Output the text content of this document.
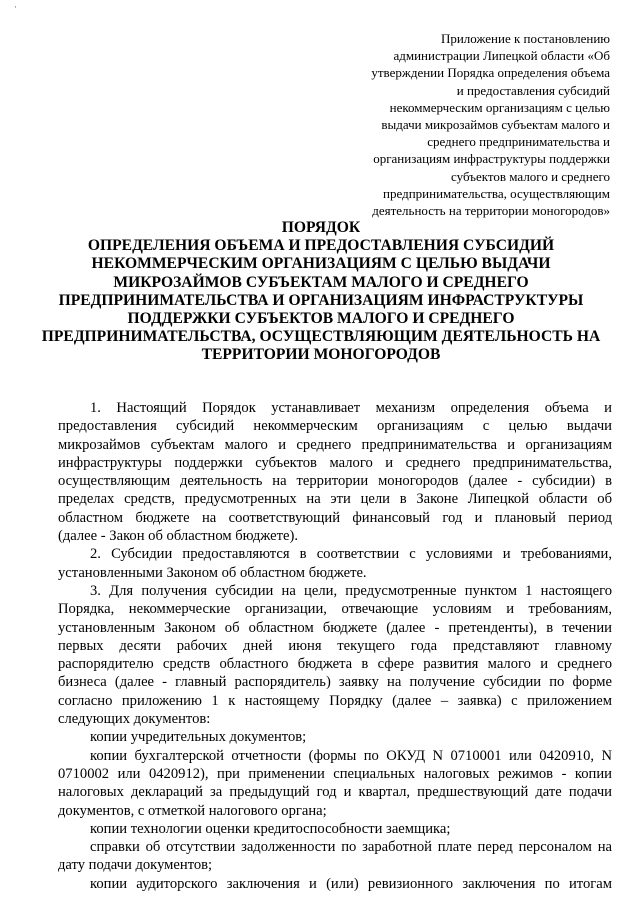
·
Приложение к постановлению
администрации Липецкой области «Об
утверждении Порядка определения объема
и предоставления субсидий
некоммерческим организациям с целью
выдачи микрозаймов субъектам малого и
среднего предпринимательства и
организациям инфраструктуры поддержки
субъектов малого и среднего
предпринимательства, осуществляющим
деятельность на территории моногородов»
ПОРЯДОК
ОПРЕДЕЛЕНИЯ ОБЪЕМА И ПРЕДОСТАВЛЕНИЯ СУБСИДИЙ
НЕКОММЕРЧЕСКИМ ОРГАНИЗАЦИЯМ С ЦЕЛЬЮ ВЫДАЧИ
МИКРОЗАЙМОВ СУБЪЕКТАМ МАЛОГО И СРЕДНЕГО
ПРЕДПРИНИМАТЕЛЬСТВА И ОРГАНИЗАЦИЯМ ИНФРАСТРУКТУРЫ
ПОДДЕРЖКИ СУБЪЕКТОВ МАЛОГО И СРЕДНЕГО
ПРЕДПРИНИМАТЕЛЬСТВА, ОСУЩЕСТВЛЯЮЩИМ ДЕЯТЕЛЬНОСТЬ НА
ТЕРРИТОРИИ МОНОГОРОДОВ
1. Настоящий Порядок устанавливает механизм определения объема и
предоставления субсидий некоммерческим организациям с целью выдачи
микрозаймов субъектам малого и среднего предпринимательства и организациям
инфраструктуры поддержки субъектов малого и среднего предпринимательства,
осуществляющим деятельность на территории моногородов (далее - субсидии) в
пределах средств, предусмотренных на эти цели в Законе Липецкой области об
областном бюджете на соответствующий финансовый год и плановый период
(далее - Закон об областном бюджете).
2. Субсидии предоставляются в соответствии с условиями и требованиями,
установленными Законом об областном бюджете.
3. Для получения субсидии на цели, предусмотренные пунктом 1 настоящего
Порядка, некоммерческие организации, отвечающие условиям и требованиям,
установленным Законом об областном бюджете (далее - претенденты), в течении
первых десяти рабочих дней июня текущего года представляют главному
распорядителю средств областного бюджета в сфере развития малого и среднего
бизнеса (далее - главный распорядитель) заявку на получение субсидии по форме
согласно приложению 1 к настоящему Порядку (далее – заявка) с приложением
следующих документов:
копии учредительных документов;
копии бухгалтерской отчетности (формы по ОКУД N 0710001 или 0420910, N
0710002 или 0420912), при применении специальных налоговых режимов - копии
налоговых деклараций за предыдущий год и квартал, предшествующий дате подачи
документов, с отметкой налогового органа;
копии технологии оценки кредитоспособности заемщика;
справки об отсутствии задолженности по заработной плате перед персоналом на
дату подачи документов;
копии аудиторского заключения и (или) ревизионного заключения по итогам
